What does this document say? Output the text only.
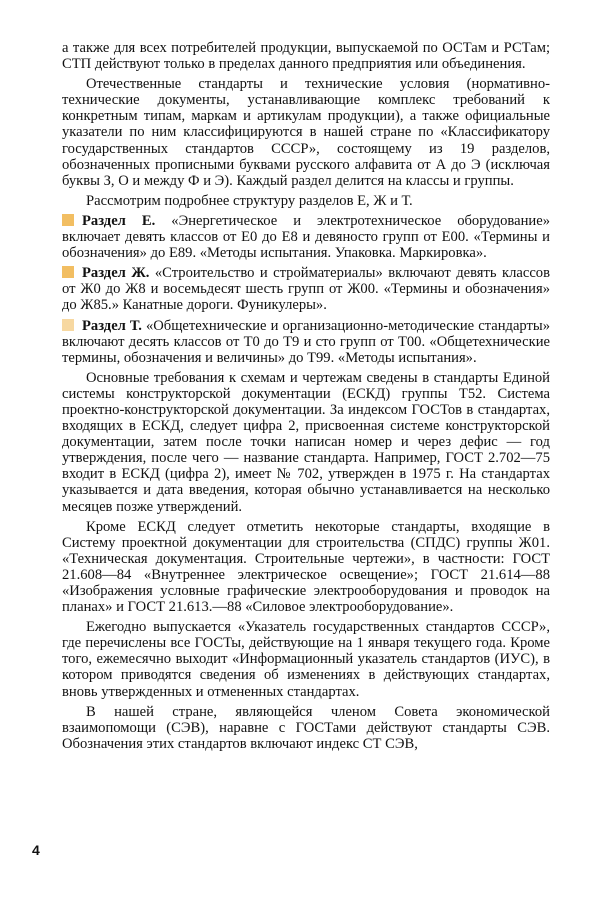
а также для всех потребителей продукции, выпускаемой по ОСТам и РСТам; СТП действуют только в пределах данного предприятия или объединения.

Отечественные стандарты и технические условия (нормативно-технические документы, устанавливающие комплекс требований к конкретным типам, маркам и артикулам продукции), а также официальные указатели по ним классифицируются в нашей стране по «Классификатору государственных стандартов СССР», состоящему из 19 разделов, обозначенных прописными буквами русского алфавита от А до Э (исключая буквы З, О и между Ф и Э). Каждый раздел делится на классы и группы.

Рассмотрим подробнее структуру разделов Е, Ж и Т.

Раздел Е. «Энергетическое и электротехническое оборудование» включает девять классов от Е0 до Е8 и девяносто групп от Е00. «Термины и обозначения» до Е89. «Методы испытания. Упаковка. Маркировка».

Раздел Ж. «Строительство и стройматериалы» включают девять классов от Ж0 до Ж8 и восемьдесят шесть групп от Ж00. «Термины и обозначения» до Ж85.» Канатные дороги. Фуникулеры».

Раздел Т. «Общетехнические и организационно-методические стандарты» включают десять классов от Т0 до Т9 и сто групп от Т00. «Общетехнические термины, обозначения и величины» до Т99. «Методы испытания».

Основные требования к схемам и чертежам сведены в стандарты Единой системы конструкторской документации (ЕСКД) группы Т52. Система проектно-конструкторской документации. За индексом ГОСТов в стандартах, входящих в ЕСКД, следует цифра 2, присвоенная системе конструкторской документации, затем после точки написан номер и через дефис — год утверждения, после чего — название стандарта. Например, ГОСТ 2.702—75 входит в ЕСКД (цифра 2), имеет № 702, утвержден в 1975 г. На стандартах указывается и дата введения, которая обычно устанавливается на несколько месяцев позже утверждений.

Кроме ЕСКД следует отметить некоторые стандарты, входящие в Систему проектной документации для строительства (СПДС) группы Ж01. «Техническая документация. Строительные чертежи», в частности: ГОСТ 21.608—84 «Внутреннее электрическое освещение»; ГОСТ 21.614—88 «Изображения условные графические электрооборудования и проводок на планах» и ГОСТ 21.613.—88 «Силовое электрооборудование».

Ежегодно выпускается «Указатель государственных стандартов СССР», где перечислены все ГОСТы, действующие на 1 января текущего года. Кроме того, ежемесячно выходит «Информационный указатель стандартов (ИУС), в котором приводятся сведения об изменениях в действующих стандартах, вновь утвержденных и отмененных стандартах.

В нашей стране, являющейся членом Совета экономической взаимопомощи (СЭВ), наравне с ГОСТами действуют стандарты СЭВ. Обозначения этих стандартов включают индекс СТ СЭВ,

4
